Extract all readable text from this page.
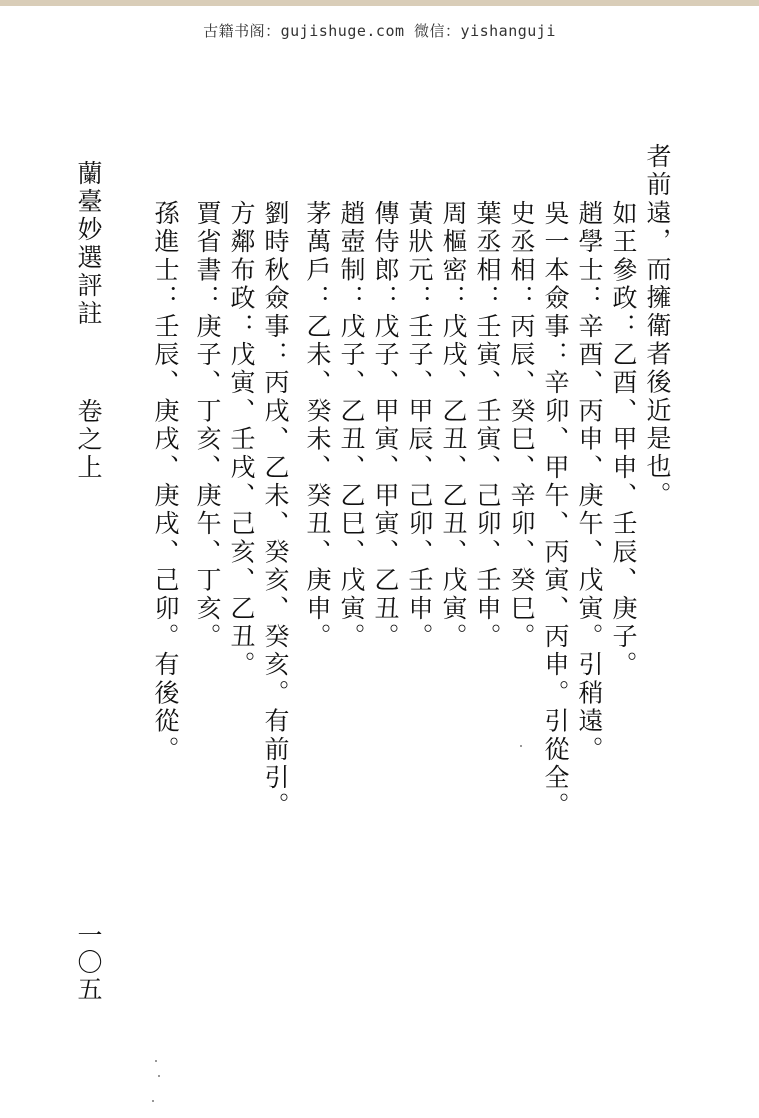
古籍书阁：gujishuge.com 微信：yishanguji
者前遠，而擁衛者後近是也。
如王參政：乙酉、甲申、壬辰、庚子。
趙學士：辛酉、丙申、庚午、戊寅。引稍遠。
吳一本僉事：辛卯、甲午、丙寅、丙申。引從全。
史丞相：丙辰、癸巳、辛卯、癸巳。
葉丞相：壬寅、壬寅、己卯、壬申。
周樞密：戊戌、乙丑、乙丑、戊寅。
黃狀元：壬子、甲辰、己卯、壬申。
傳侍郎：戊子、甲寅、甲寅、乙丑。
趙壺制：戊子、乙丑、乙巳、戊寅。
茅萬戶：乙未、癸未、癸丑、庚申。
劉時秋僉事：丙戌、乙未、癸亥、癸亥。有前引。
方鄰布政：戊寅、壬戌、己亥、乙丑。
賈省書：庚子、丁亥、庚午、丁亥。
孫進士：壬辰、庚戌、庚戌、己卯。有後從。
蘭臺妙選評註
卷之上
一〇五
